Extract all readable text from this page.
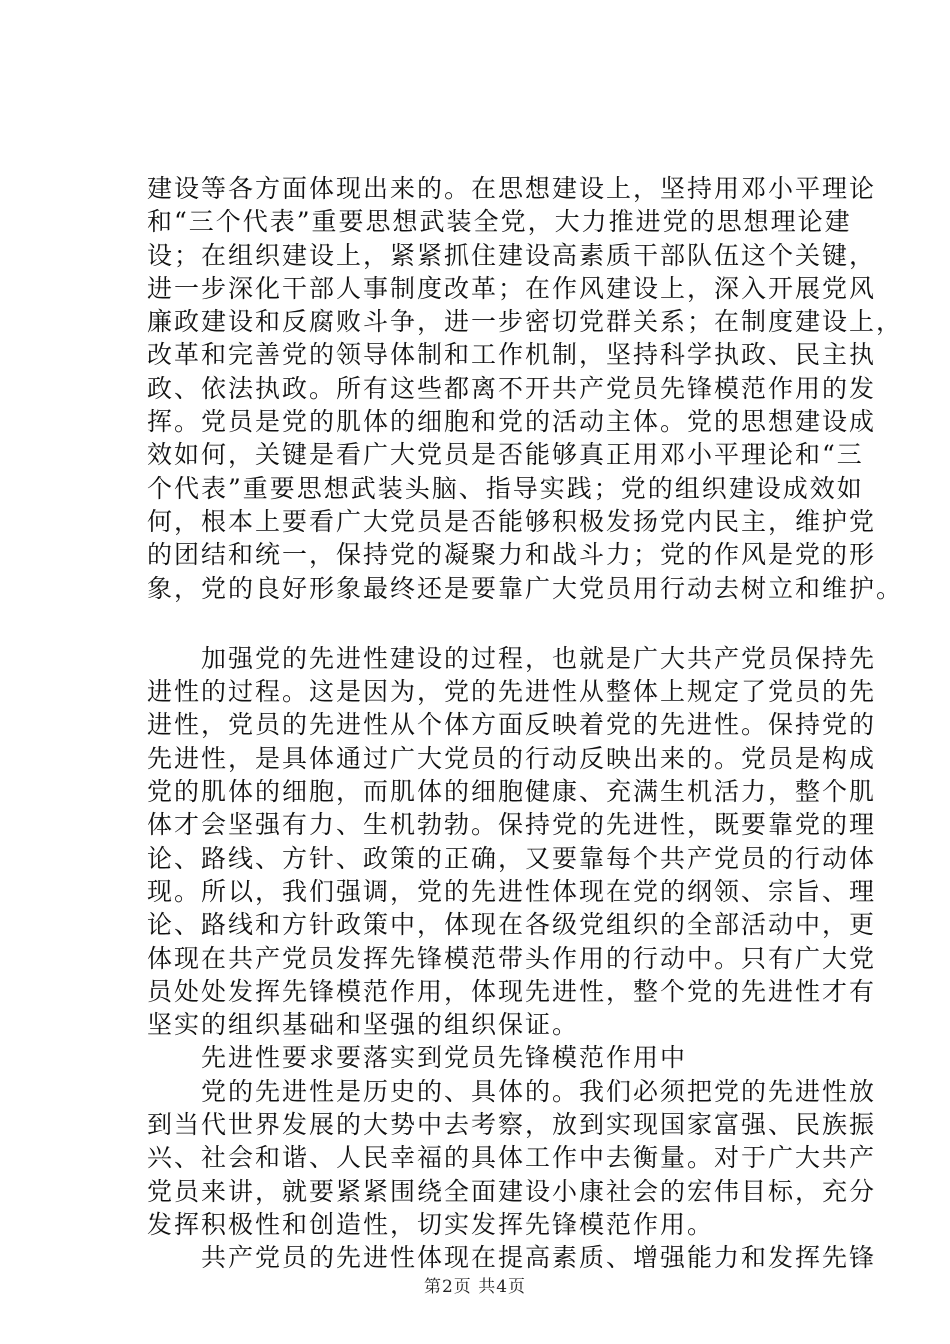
建设等各方面体现出来的。在思想建设上，坚持用邓小平理论
和“三个代表”重要思想武装全党，大力推进党的思想理论建
设；在组织建设上，紧紧抓住建设高素质干部队伍这个关键，
进一步深化干部人事制度改革；在作风建设上，深入开展党风
廉政建设和反腐败斗争，进一步密切党群关系；在制度建设上，
改革和完善党的领导体制和工作机制，坚持科学执政、民主执
政、依法执政。所有这些都离不开共产党员先锋模范作用的发
挥。党员是党的肌体的细胞和党的活动主体。党的思想建设成
效如何，关键是看广大党员是否能够真正用邓小平理论和“三
个代表”重要思想武装头脑、指导实践；党的组织建设成效如
何，根本上要看广大党员是否能够积极发扬党内民主，维护党
的团结和统一，保持党的凝聚力和战斗力；党的作风是党的形
象，党的良好形象最终还是要靠广大党员用行动去树立和维护。
　　加强党的先进性建设的过程，也就是广大共产党员保持先
进性的过程。这是因为，党的先进性从整体上规定了党员的先
进性，党员的先进性从个体方面反映着党的先进性。保持党的
先进性，是具体通过广大党员的行动反映出来的。党员是构成
党的肌体的细胞，而肌体的细胞健康、充满生机活力，整个肌
体才会坚强有力、生机勃勃。保持党的先进性，既要靠党的理
论、路线、方针、政策的正确，又要靠每个共产党员的行动体
现。所以，我们强调，党的先进性体现在党的纲领、宗旨、理
论、路线和方针政策中，体现在各级党组织的全部活动中，更
体现在共产党员发挥先锋模范带头作用的行动中。只有广大党
员处处发挥先锋模范作用，体现先进性，整个党的先进性才有
坚实的组织基础和坚强的组织保证。
　　先进性要求要落实到党员先锋模范作用中
　　党的先进性是历史的、具体的。我们必须把党的先进性放
到当代世界发展的大势中去考察，放到实现国家富强、民族振
兴、社会和谐、人民幸福的具体工作中去衡量。对于广大共产
党员来讲，就要紧紧围绕全面建设小康社会的宏伟目标，充分
发挥积极性和创造性，切实发挥先锋模范作用。
　　共产党员的先进性体现在提高素质、增强能力和发挥先锋
第2页 共4页
